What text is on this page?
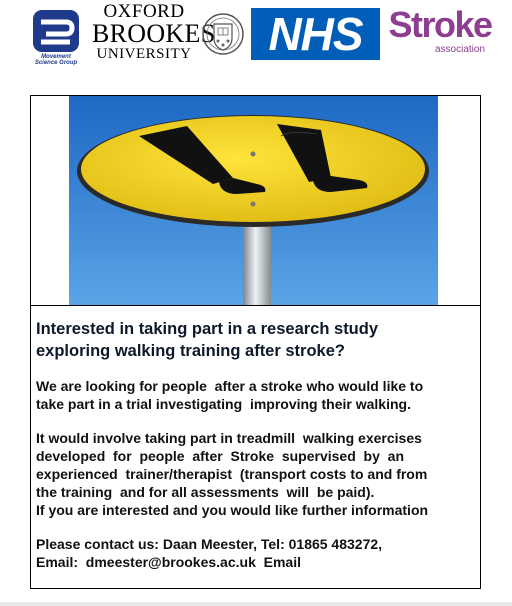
Movement
Science Group
OXFORD
BROOKES
UNIVERSITY	NHS Stroke
association
Interested in taking part in a research study
exploring walking training after stroke?
We are looking for people  after a stroke who would like to
take part in a trial investigating  improving their walking.
It would involve taking part in treadmill  walking exercises
developed  for  people  after  Stroke  supervised  by  an
experienced  trainer/therapist  (transport costs to and from
the training  and for all assessments  will  be paid).
If you are interested and you would like further information
Please contact us: Daan Meester, Tel: 01865 483272,
Email:  dmeester@brookes.ac.uk  Email
